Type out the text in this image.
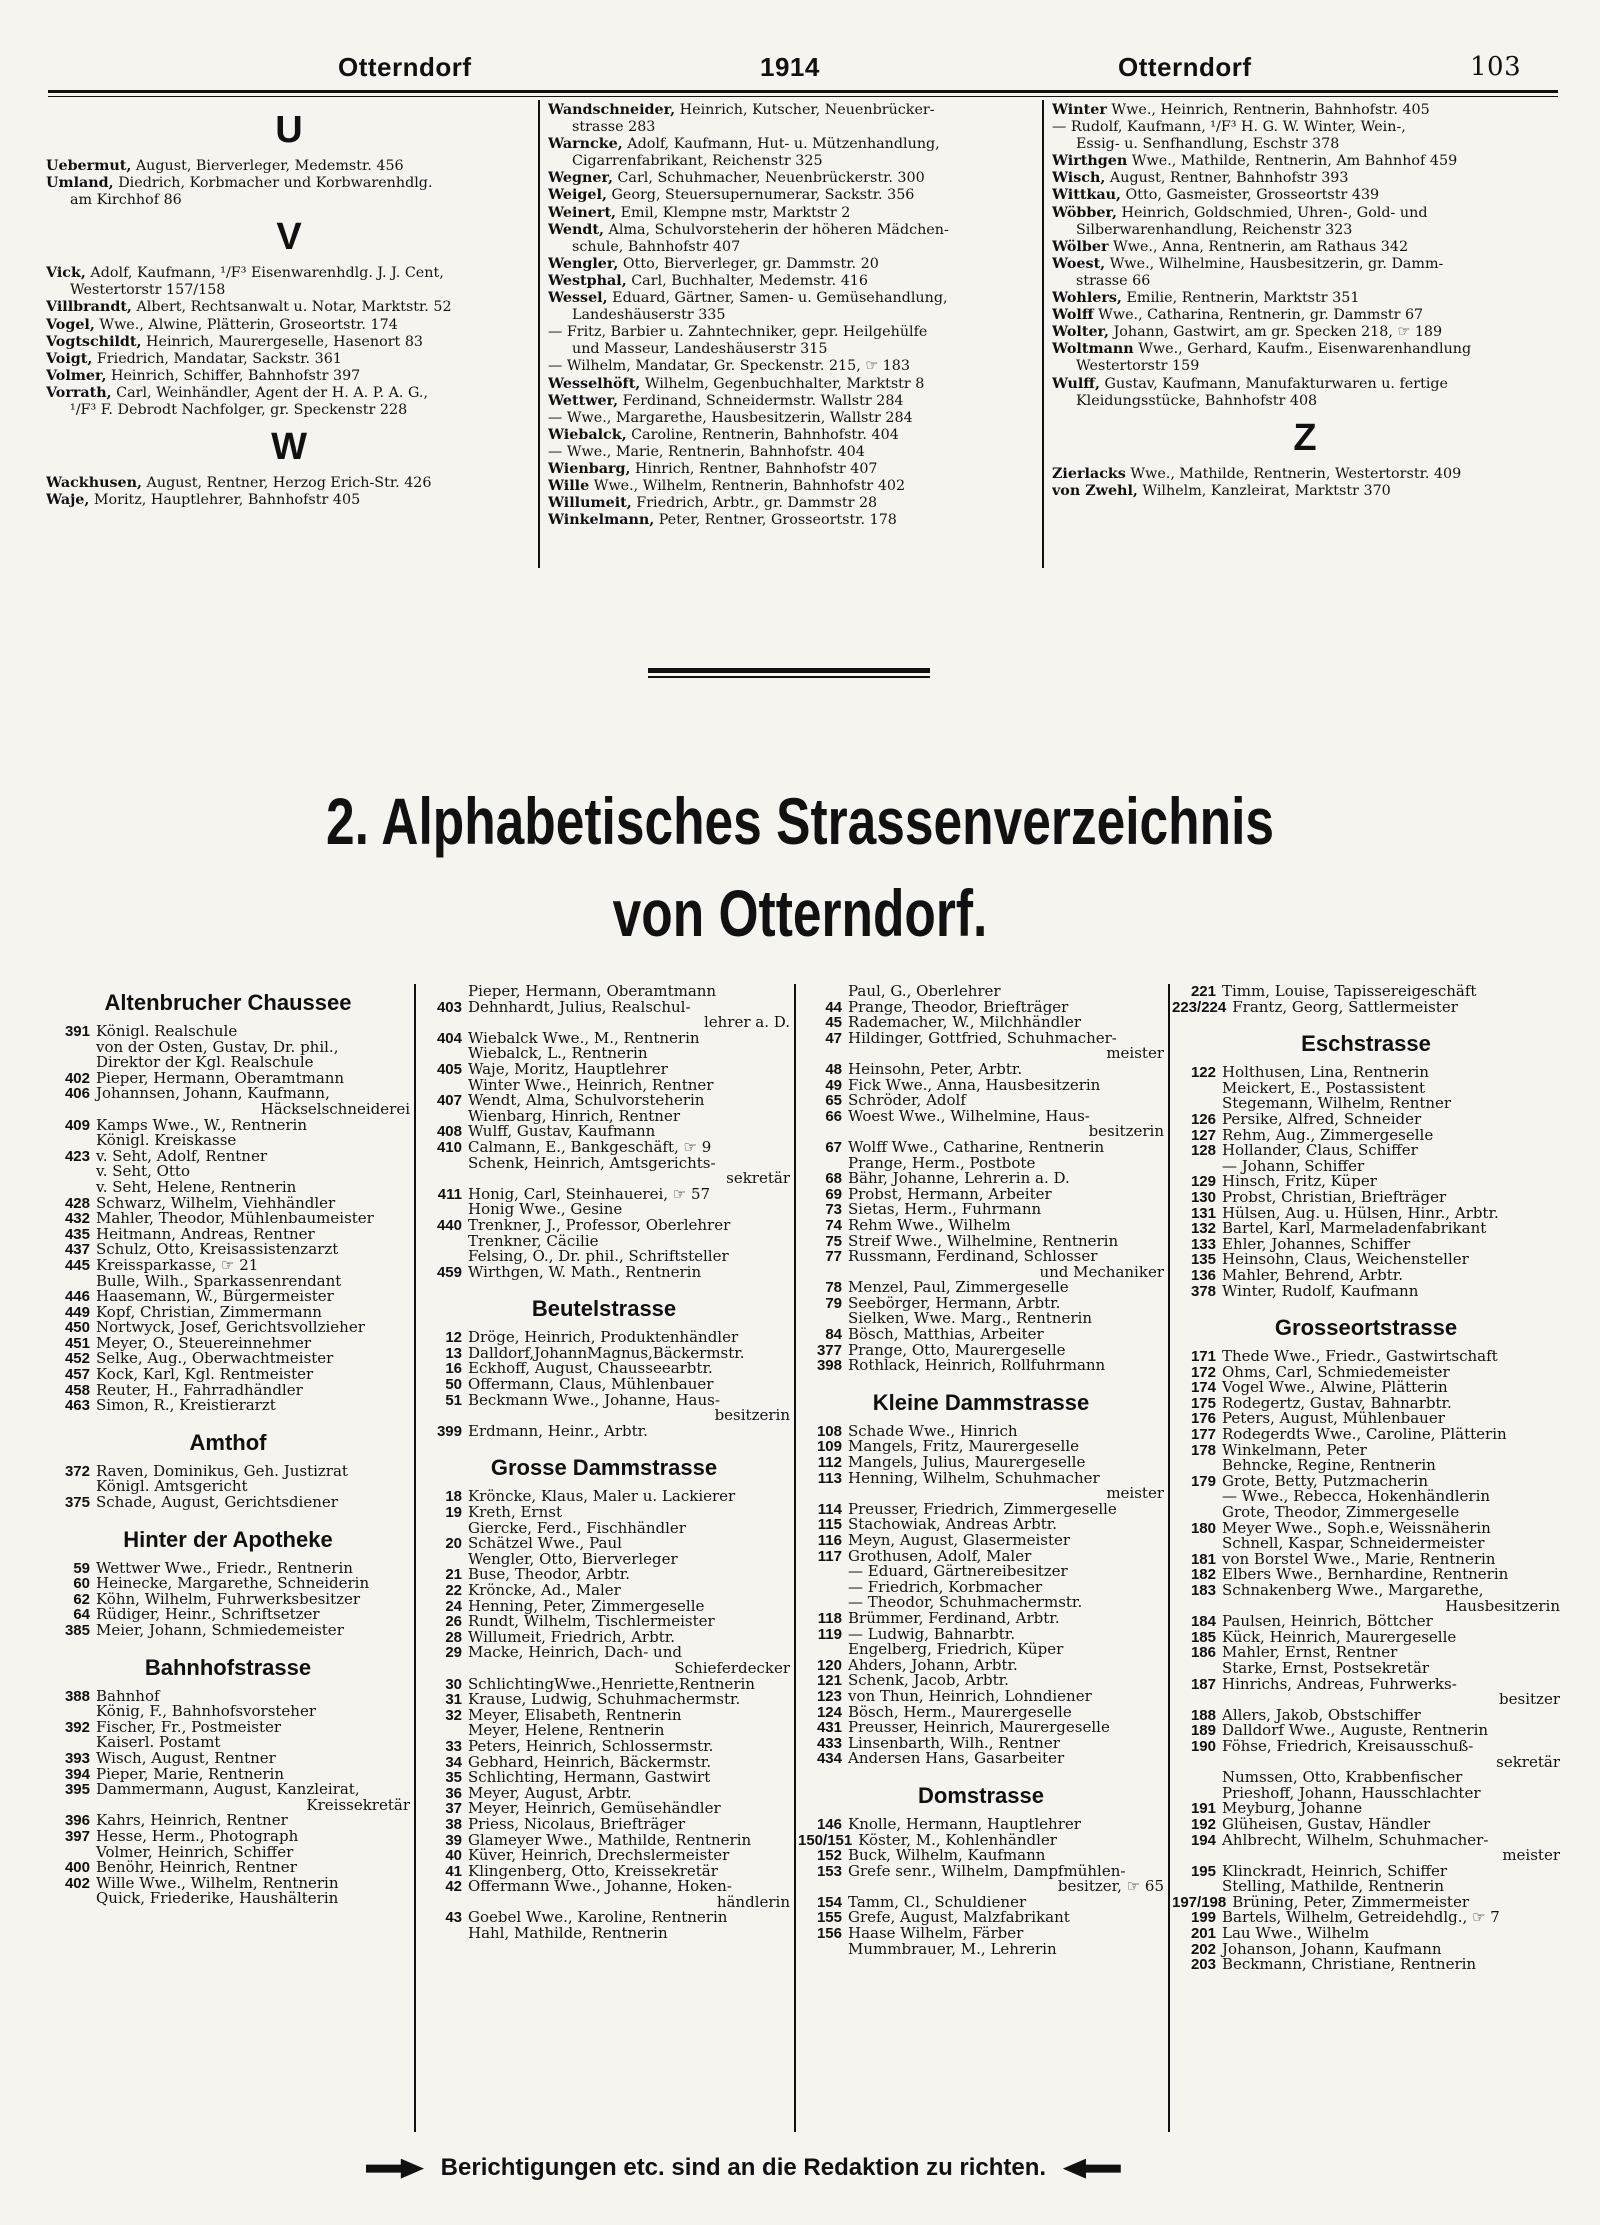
Otterndorf	1914	Otterndorf	103
U
Uebermut, August, Bierverleger, Medemstr. 456
Umland, Diedrich, Korbmacher und Korbwarenhdlg.
am Kirchhof 86
V
Vick, Adolf, Kaufmann, ¹/F³ Eisenwarenhdlg. J. J. Cent,
Westertorstr 157/158
Villbrandt, Albert, Rechtsanwalt u. Notar, Marktstr. 52
Vogel, Wwe., Alwine, Plätterin, Groseortstr. 174
Vogtschildt, Heinrich, Maurergeselle, Hasenort 83
Voigt, Friedrich, Mandatar, Sackstr. 361
Volmer, Heinrich, Schiffer, Bahnhofstr 397
Vorrath, Carl, Weinhändler, Agent der H. A. P. A. G.,
¹/F³ F. Debrodt Nachfolger, gr. Speckenstr 228
W
Wackhusen, August, Rentner, Herzog Erich-Str. 426
Waje, Moritz, Hauptlehrer, Bahnhofstr 405
Wandschneider, Heinrich, Kutscher, Neuenbrücker-
strasse 283
Warncke, Adolf, Kaufmann, Hut- u. Mützenhandlung,
Cigarrenfabrikant, Reichenstr 325
Wegner, Carl, Schuhmacher, Neuenbrückerstr. 300
Weigel, Georg, Steuersupernumerar, Sackstr. 356
Weinert, Emil, Klempne mstr, Marktstr 2
Wendt, Alma, Schulvorsteherin der höheren Mädchen-
schule, Bahnhofstr 407
Wengler, Otto, Bierverleger, gr. Dammstr. 20
Westphal, Carl, Buchhalter, Medemstr. 416
Wessel, Eduard, Gärtner, Samen- u. Gemüsehandlung,
Landeshäuserstr 335
— Fritz, Barbier u. Zahntechniker, gepr. Heilgehülfe
und Masseur, Landeshäuserstr 315
— Wilhelm, Mandatar, Gr. Speckenstr. 215, ☞ 183
Wesselhöft, Wilhelm, Gegenbuchhalter, Marktstr 8
Wettwer, Ferdinand, Schneidermstr. Wallstr 284
— Wwe., Margarethe, Hausbesitzerin, Wallstr 284
Wiebalck, Caroline, Rentnerin, Bahnhofstr. 404
— Wwe., Marie, Rentnerin, Bahnhofstr. 404
Wienbarg, Hinrich, Rentner, Bahnhofstr 407
Wille Wwe., Wilhelm, Rentnerin, Bahnhofstr 402
Willumeit, Friedrich, Arbtr., gr. Dammstr 28
Winkelmann, Peter, Rentner, Grosseortstr. 178
Winter Wwe., Heinrich, Rentnerin, Bahnhofstr. 405
— Rudolf, Kaufmann, ¹/F³ H. G. W. Winter, Wein-,
Essig- u. Senfhandlung, Eschstr 378
Wirthgen Wwe., Mathilde, Rentnerin, Am Bahnhof 459
Wisch, August, Rentner, Bahnhofstr 393
Wittkau, Otto, Gasmeister, Grosseortstr 439
Wöbber, Heinrich, Goldschmied, Uhren-, Gold- und
Silberwarenhandlung, Reichenstr 323
Wölber Wwe., Anna, Rentnerin, am Rathaus 342
Woest, Wwe., Wilhelmine, Hausbesitzerin, gr. Damm-
strasse 66
Wohlers, Emilie, Rentnerin, Marktstr 351
Wolff Wwe., Catharina, Rentnerin, gr. Dammstr 67
Wolter, Johann, Gastwirt, am gr. Specken 218, ☞ 189
Woltmann Wwe., Gerhard, Kaufm., Eisenwarenhandlung
Westertorstr 159
Wulff, Gustav, Kaufmann, Manufakturwaren u. fertige
Kleidungsstücke, Bahnhofstr 408
Z
Zierlacks Wwe., Mathilde, Rentnerin, Westertorstr. 409
von Zwehl, Wilhelm, Kanzleirat, Marktstr 370
2. Alphabetisches Strassenverzeichnis
von Otterndorf.
Altenbrucher Chaussee
391 Königl. Realschule
von der Osten, Gustav, Dr. phil.,
Direktor der Kgl. Realschule
402 Pieper, Hermann, Oberamtmann
406 Johannsen, Johann, Kaufmann,
Häckselschneiderei
409 Kamps Wwe., W., Rentnerin
Königl. Kreiskasse
423 v. Seht, Adolf, Rentner
v. Seht, Otto
v. Seht, Helene, Rentnerin
428 Schwarz, Wilhelm, Viehhändler
432 Mahler, Theodor, Mühlenbaumeister
435 Heitmann, Andreas, Rentner
437 Schulz, Otto, Kreisassistenzarzt
445 Kreissparkasse, ☞ 21
Bulle, Wilh., Sparkassenrendant
446 Haasemann, W., Bürgermeister
449 Kopf, Christian, Zimmermann
450 Nortwyck, Josef, Gerichtsvollzieher
451 Meyer, O., Steuereinnehmer
452 Selke, Aug., Oberwachtmeister
457 Kock, Karl, Kgl. Rentmeister
458 Reuter, H., Fahrradhändler
463 Simon, R., Kreistierarzt
Amthof
372 Raven, Dominikus, Geh. Justizrat
Königl. Amtsgericht
375 Schade, August, Gerichtsdiener
Hinter der Apotheke
59 Wettwer Wwe., Friedr., Rentnerin
60 Heinecke, Margarethe, Schneiderin
62 Köhn, Wilhelm, Fuhrwerksbesitzer
64 Rüdiger, Heinr., Schriftsetzer
385 Meier, Johann, Schmiedemeister
Bahnhofstrasse
388 Bahnhof
König, F., Bahnhofsvorsteher
392 Fischer, Fr., Postmeister
Kaiserl. Postamt
393 Wisch, August, Rentner
394 Pieper, Marie, Rentnerin
395 Dammermann, August, Kanzleirat,
Kreissekretär
396 Kahrs, Heinrich, Rentner
397 Hesse, Herm., Photograph
Volmer, Heinrich, Schiffer
400 Benöhr, Heinrich, Rentner
402 Wille Wwe., Wilhelm, Rentnerin
Quick, Friederike, Haushälterin
Pieper, Hermann, Oberamtmann
403 Dehnhardt, Julius, Realschul-
lehrer a. D.
404 Wiebalck Wwe., M., Rentnerin
Wiebalck, L., Rentnerin
405 Waje, Moritz, Hauptlehrer
Winter Wwe., Heinrich, Rentner
407 Wendt, Alma, Schulvorsteherin
Wienbarg, Hinrich, Rentner
408 Wulff, Gustav, Kaufmann
410 Calmann, E., Bankgeschäft, ☞ 9
Schenk, Heinrich, Amtsgerichts-
sekretär
411 Honig, Carl, Steinhauerei, ☞ 57
Honig Wwe., Gesine
440 Trenkner, J., Professor, Oberlehrer
Trenkner, Cäcilie
Felsing, O., Dr. phil., Schriftsteller
459 Wirthgen, W. Math., Rentnerin
Beutelstrasse
12 Dröge, Heinrich, Produktenhändler
13 Dalldorf,JohannMagnus,Bäckermstr.
16 Eckhoff, August, Chausseearbtr.
50 Offermann, Claus, Mühlenbauer
51 Beckmann Wwe., Johanne, Haus-
besitzerin
399 Erdmann, Heinr., Arbtr.
Grosse Dammstrasse
18 Kröncke, Klaus, Maler u. Lackierer
19 Kreth, Ernst
Giercke, Ferd., Fischhändler
20 Schätzel Wwe., Paul
Wengler, Otto, Bierverleger
21 Buse, Theodor, Arbtr.
22 Kröncke, Ad., Maler
24 Henning, Peter, Zimmergeselle
26 Rundt, Wilhelm, Tischlermeister
28 Willumeit, Friedrich, Arbtr.
29 Macke, Heinrich, Dach- und
Schieferdecker
30 SchlichtingWwe.,Henriette,Rentnerin
31 Krause, Ludwig, Schuhmachermstr.
32 Meyer, Elisabeth, Rentnerin
Meyer, Helene, Rentnerin
33 Peters, Heinrich, Schlossermstr.
34 Gebhard, Heinrich, Bäckermstr.
35 Schlichting, Hermann, Gastwirt
36 Meyer, August, Arbtr.
37 Meyer, Heinrich, Gemüsehändler
38 Priess, Nicolaus, Briefträger
39 Glameyer Wwe., Mathilde, Rentnerin
40 Küver, Heinrich, Drechslermeister
41 Klingenberg, Otto, Kreissekretär
42 Offermann Wwe., Johanne, Hoken-
händlerin
43 Goebel Wwe., Karoline, Rentnerin
Hahl, Mathilde, Rentnerin
Paul, G., Oberlehrer
44 Prange, Theodor, Briefträger
45 Rademacher, W., Milchhändler
47 Hildinger, Gottfried, Schuhmacher-
meister
48 Heinsohn, Peter, Arbtr.
49 Fick Wwe., Anna, Hausbesitzerin
65 Schröder, Adolf
66 Woest Wwe., Wilhelmine, Haus-
besitzerin
67 Wolff Wwe., Catharine, Rentnerin
Prange, Herm., Postbote
68 Bähr, Johanne, Lehrerin a. D.
69 Probst, Hermann, Arbeiter
73 Sietas, Herm., Fuhrmann
74 Rehm Wwe., Wilhelm
75 Streif Wwe., Wilhelmine, Rentnerin
77 Russmann, Ferdinand, Schlosser
und Mechaniker
78 Menzel, Paul, Zimmergeselle
79 Seebörger, Hermann, Arbtr.
Sielken, Wwe. Marg., Rentnerin
84 Bösch, Matthias, Arbeiter
377 Prange, Otto, Maurergeselle
398 Rothlack, Heinrich, Rollfuhrmann
Kleine Dammstrasse
108 Schade Wwe., Hinrich
109 Mangels, Fritz, Maurergeselle
112 Mangels, Julius, Maurergeselle
113 Henning, Wilhelm, Schuhmacher
meister
114 Preusser, Friedrich, Zimmergeselle
115 Stachowiak, Andreas Arbtr.
116 Meyn, August, Glasermeister
117 Grothusen, Adolf, Maler
— Eduard, Gärtnereibesitzer
— Friedrich, Korbmacher
— Theodor, Schuhmachermstr.
118 Brümmer, Ferdinand, Arbtr.
119 — Ludwig, Bahnarbtr.
Engelberg, Friedrich, Küper
120 Ahders, Johann, Arbtr.
121 Schenk, Jacob, Arbtr.
123 von Thun, Heinrich, Lohndiener
124 Bösch, Herm., Maurergeselle
431 Preusser, Heinrich, Maurergeselle
433 Linsenbarth, Wilh., Rentner
434 Andersen Hans, Gasarbeiter
Domstrasse
146 Knolle, Hermann, Hauptlehrer
150/151 Köster, M., Kohlenhändler
152 Buck, Wilhelm, Kaufmann
153 Grefe senr., Wilhelm, Dampfmühlen-
besitzer, ☞ 65
154 Tamm, Cl., Schuldiener
155 Grefe, August, Malzfabrikant
156 Haase Wilhelm, Färber
Mummbrauer, M., Lehrerin
221 Timm, Louise, Tapissereigeschäft
223/224 Frantz, Georg, Sattlermeister
Eschstrasse
122 Holthusen, Lina, Rentnerin
Meickert, E., Postassistent
Stegemann, Wilhelm, Rentner
126 Persike, Alfred, Schneider
127 Rehm, Aug., Zimmergeselle
128 Hollander, Claus, Schiffer
— Johann, Schiffer
129 Hinsch, Fritz, Küper
130 Probst, Christian, Briefträger
131 Hülsen, Aug. u. Hülsen, Hinr., Arbtr.
132 Bartel, Karl, Marmeladenfabrikant
133 Ehler, Johannes, Schiffer
135 Heinsohn, Claus, Weichensteller
136 Mahler, Behrend, Arbtr.
378 Winter, Rudolf, Kaufmann
Grosseortstrasse
171 Thede Wwe., Friedr., Gastwirtschaft
172 Ohms, Carl, Schmiedemeister
174 Vogel Wwe., Alwine, Plätterin
175 Rodegertz, Gustav, Bahnarbtr.
176 Peters, August, Mühlenbauer
177 Rodegerdts Wwe., Caroline, Plätterin
178 Winkelmann, Peter
Behncke, Regine, Rentnerin
179 Grote, Betty, Putzmacherin
— Wwe., Rebecca, Hokenhändlerin
Grote, Theodor, Zimmergeselle
180 Meyer Wwe., Soph.e, Weissnäherin
Schnell, Kaspar, Schneidermeister
181 von Borstel Wwe., Marie, Rentnerin
182 Elbers Wwe., Bernhardine, Rentnerin
183 Schnakenberg Wwe., Margarethe,
Hausbesitzerin
184 Paulsen, Heinrich, Böttcher
185 Kück, Heinrich, Maurergeselle
186 Mahler, Ernst, Rentner
Starke, Ernst, Postsekretär
187 Hinrichs, Andreas, Fuhrwerks-
besitzer
188 Allers, Jakob, Obstschiffer
189 Dalldorf Wwe., Auguste, Rentnerin
190 Föhse, Friedrich, Kreisausschuß-
sekretär
Numssen, Otto, Krabbenfischer
Prieshoff, Johann, Hausschlachter
191 Meyburg, Johanne
192 Glüheisen, Gustav, Händler
194 Ahlbrecht, Wilhelm, Schuhmacher-
meister
195 Klinckradt, Heinrich, Schiffer
Stelling, Mathilde, Rentnerin
197/198 Brüning, Peter, Zimmermeister
199 Bartels, Wilhelm, Getreidehdlg., ☞ 7
201 Lau Wwe., Wilhelm
202 Johanson, Johann, Kaufmann
203 Beckmann, Christiane, Rentnerin
Berichtigungen etc. sind an die Redaktion zu richten.
